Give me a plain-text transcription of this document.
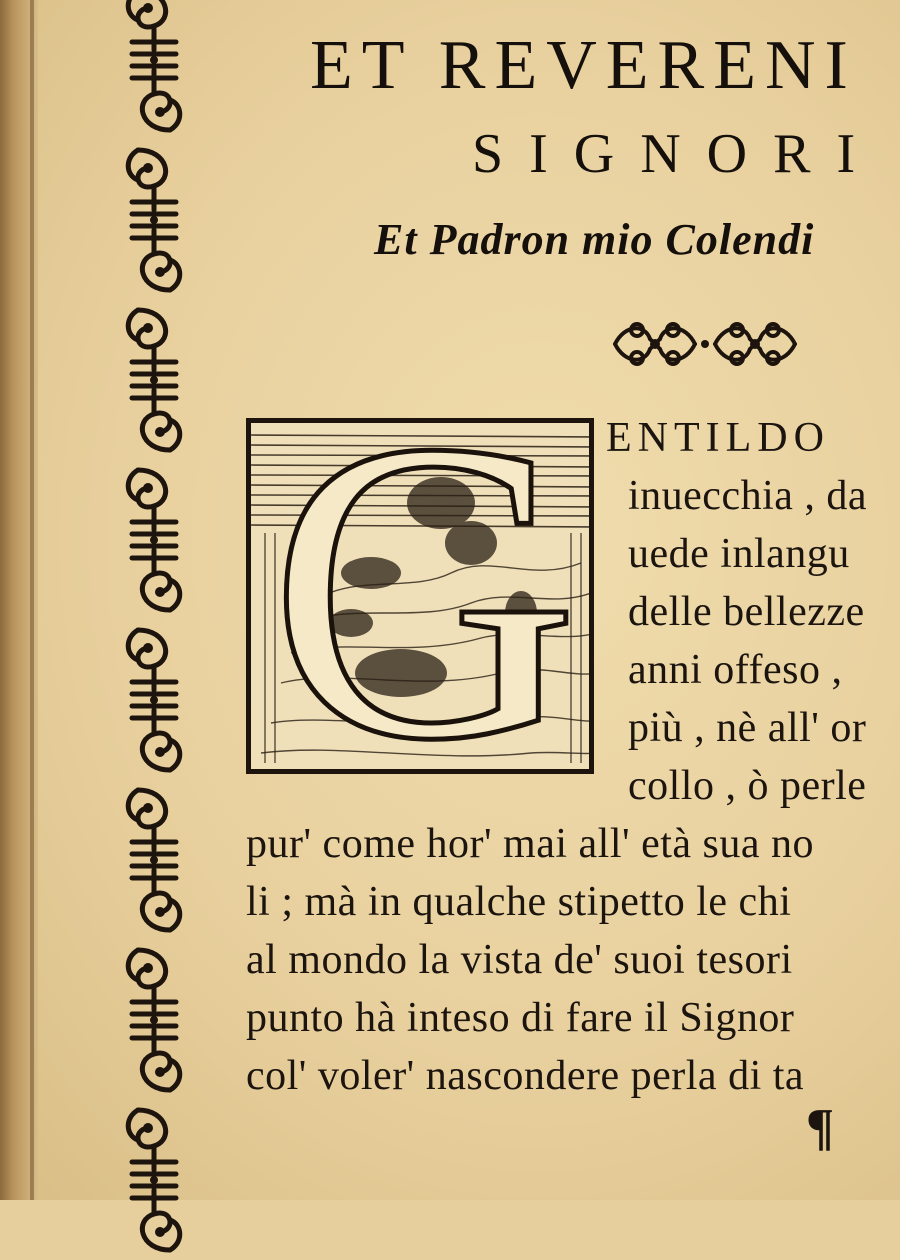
ET REVERENI
SIGNORI
Et Padron mio Colendi
G ENTILDO
inuecchia , da
uede inlangu
delle bellezze
anni offeso ,
più , nè all' or
collo , ò perle
pur' come hor' mai all' età sua no
li ; mà in qualche stipetto le chi
al mondo la vista de' suoi tesori
punto hà inteso di fare il Signor
col' voler' nascondere perla di ta
¶
